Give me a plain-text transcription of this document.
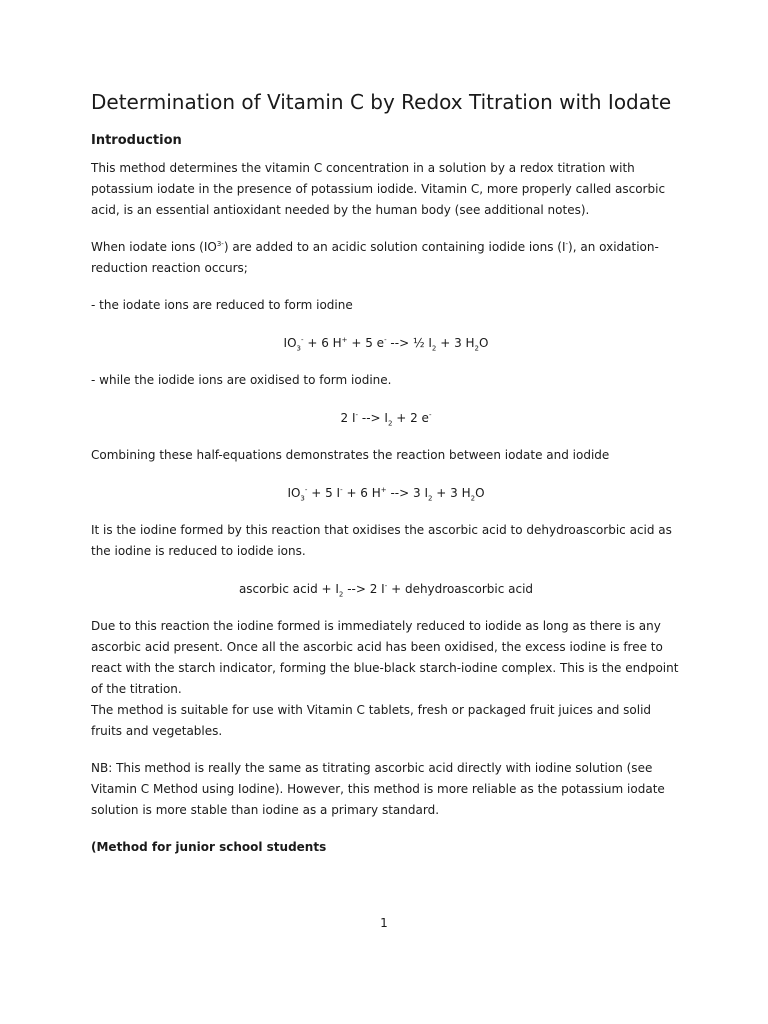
Determination of Vitamin C by Redox Titration with Iodate
Introduction

This method determines the vitamin C concentration in a solution by a redox titration with potassium iodate in the presence of potassium iodide. Vitamin C, more properly called ascorbic acid, is an essential antioxidant needed by the human body (see additional notes).

When iodate ions $(IO^{3-})$ are added to an acidic solution containing iodide ions (I-), an oxidation-reduction reaction occurs;

- the iodate ions are reduced to form iodine

$IO_3^- + 6$ H+ + 5 e- --> ½ $I_2 + 3$ $H_2O$

- while the iodide ions are oxidised to form iodine.

2 I- --> $I_2 + 2$ e-

Combining these half-equations demonstrates the reaction between iodate and iodide

$IO_3^- + 5$ I- + 6 H+ --> 3 $I_2 + 3$ $H_2O$

It is the iodine formed by this reaction that oxidises the ascorbic acid to dehydroascorbic acid as the iodine is reduced to iodide ions.

ascorbic acid + $I_2$ --> 2 I- + dehydroascorbic acid

Due to this reaction the iodine formed is immediately reduced to iodide as long as there is any ascorbic acid present. Once all the ascorbic acid has been oxidised, the excess iodine is free to react with the starch indicator, forming the blue-black starch-iodine complex. This is the endpoint of the titration.

The method is suitable for use with Vitamin C tablets, fresh or packaged fruit juices and solid fruits and vegetables.

NB: This method is really the same as titrating ascorbic acid directly with iodine solution (see Vitamin C Method using Iodine). However, this method is more reliable as the potassium iodate solution is more stable than iodine as a primary standard.

(Method for junior school students

1
